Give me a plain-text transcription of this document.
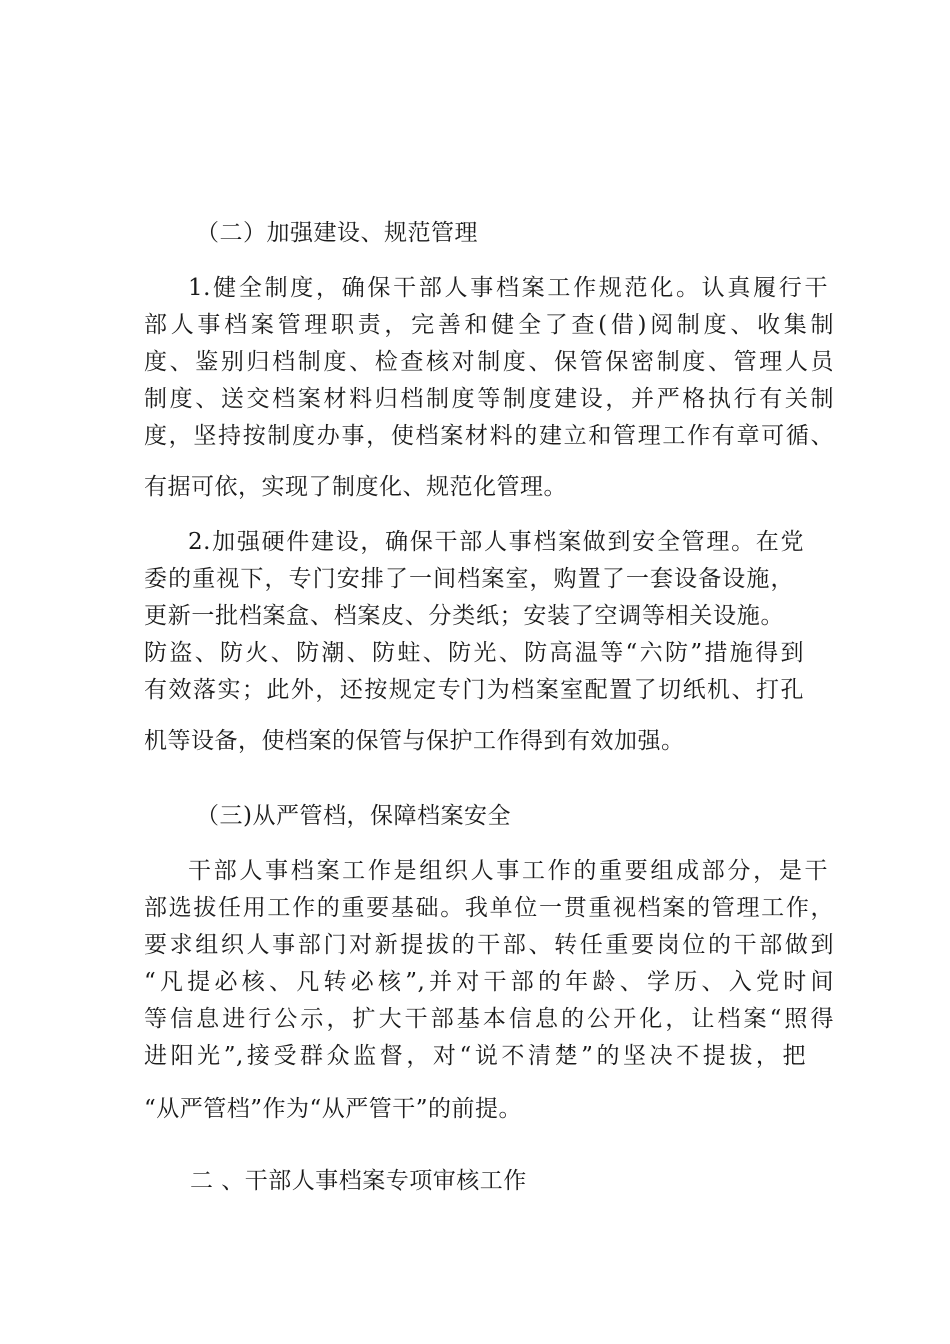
（二）加强建设、规范管理
1.健全制度，确保干部人事档案工作规范化。认真履行干
部人事档案管理职责，完善和健全了查(借)阅制度、收集制
度、鉴别归档制度、检查核对制度、保管保密制度、管理人员
制度、送交档案材料归档制度等制度建设，并严格执行有关制
度，坚持按制度办事，使档案材料的建立和管理工作有章可循、
有据可依，实现了制度化、规范化管理。
2.加强硬件建设，确保干部人事档案做到安全管理。在党
委的重视下，专门安排了一间档案室，购置了一套设备设施，
更新一批档案盒、档案皮、分类纸；安装了空调等相关设施。
防盗、防火、防潮、防蛀、防光、防高温等“六防”措施得到
有效落实；此外，还按规定专门为档案室配置了切纸机、打孔
机等设备，使档案的保管与保护工作得到有效加强。
（三)从严管档，保障档案安全
干部人事档案工作是组织人事工作的重要组成部分，是干
部选拔任用工作的重要基础。我单位一贯重视档案的管理工作，
要求组织人事部门对新提拔的干部、转任重要岗位的干部做到
“凡提必核、凡转必核”,并对干部的年龄、学历、入党时间
等信息进行公示，扩大干部基本信息的公开化，让档案“照得
进阳光”,接受群众监督，对“说不清楚”的坚决不提拔，把
“从严管档”作为“从严管干”的前提。
二 、干部人事档案专项审核工作
